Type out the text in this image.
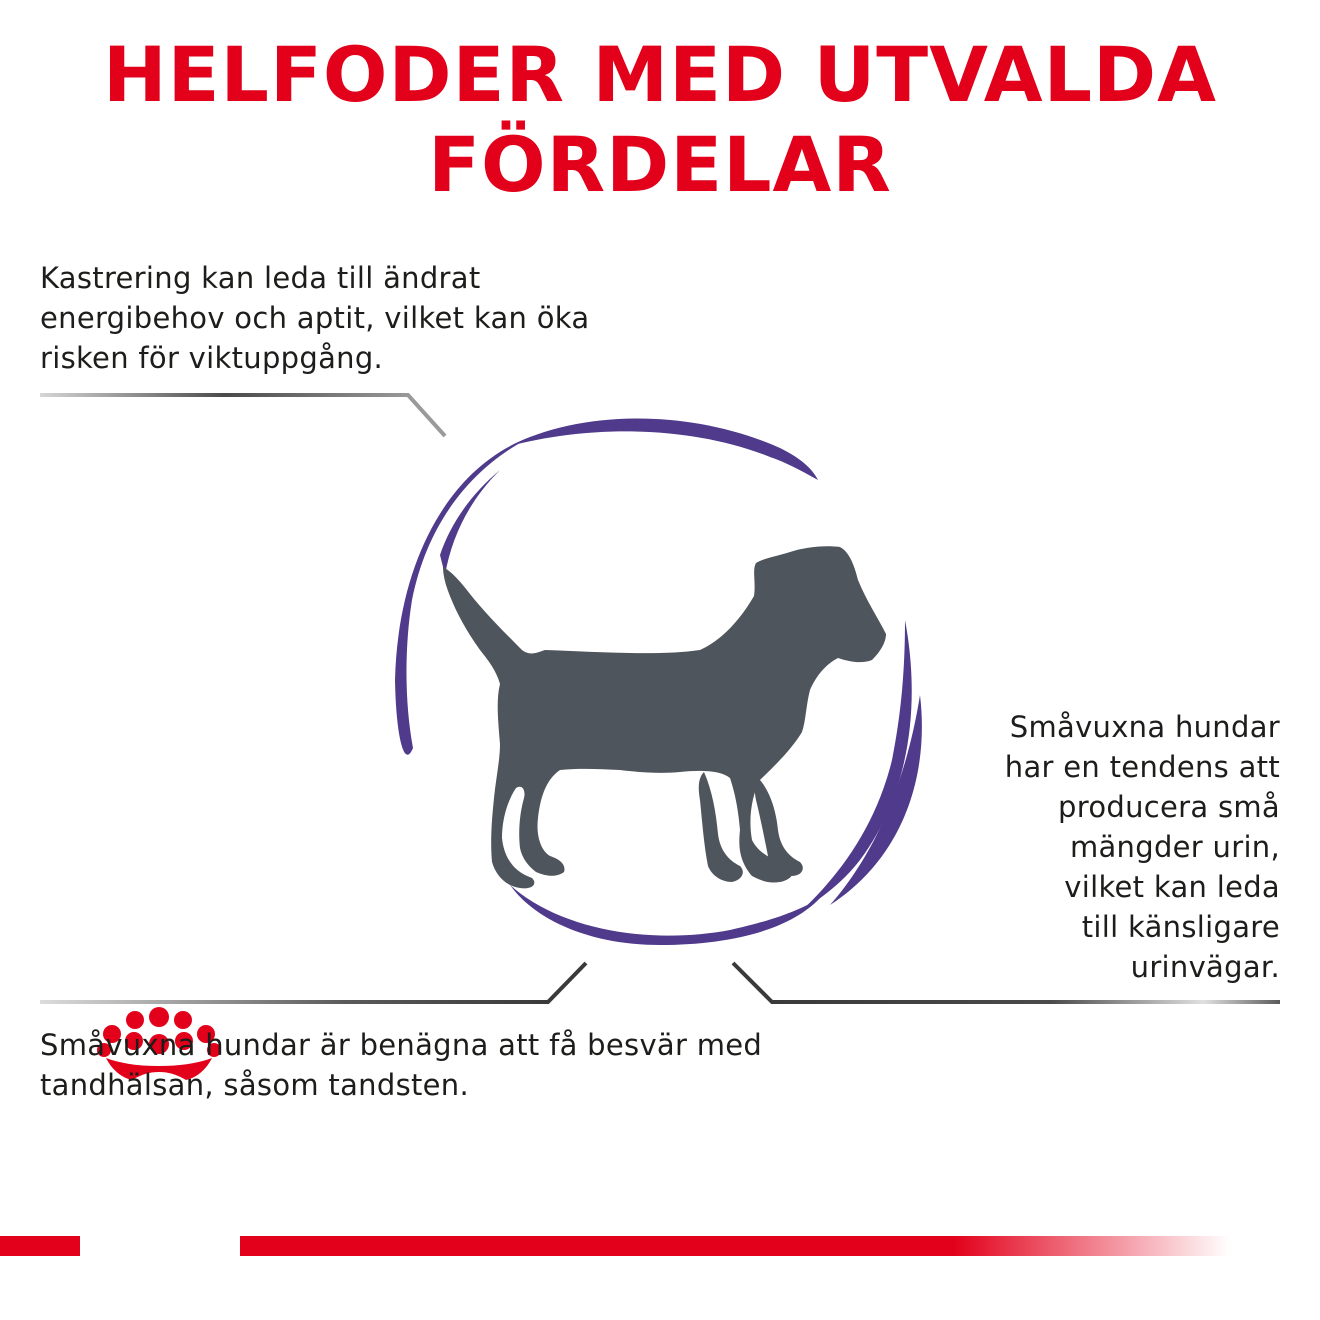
HELFODER MED UTVALDA
FÖRDELAR
Kastrering kan leda till ändrat
energibehov och aptit, vilket kan öka
risken för viktuppgång.
Småvuxna hundar
har en tendens att
producera små
mängder urin,
vilket kan leda
till känsligare
urinvägar.
Småvuxna hundar är benägna att få besvär med
tandhälsan, såsom tandsten.
